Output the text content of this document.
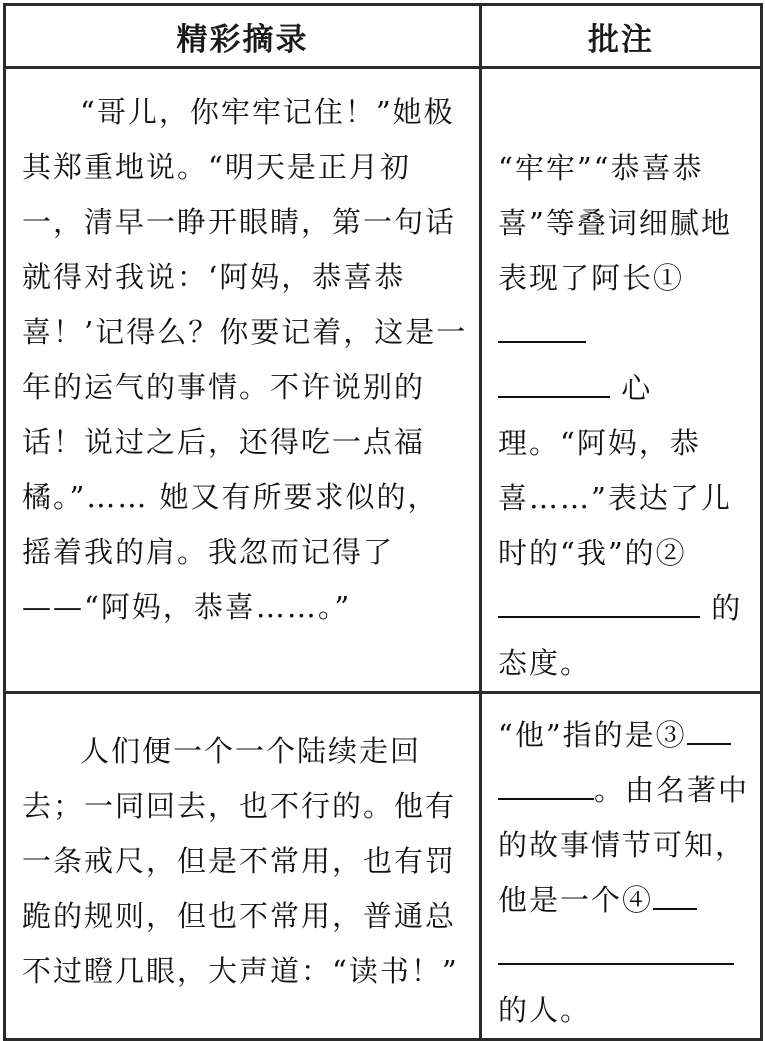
精彩摘录	批注

“哥儿，你牢牢记住！”她极其郑重地说。“明天是正月初一，清早一睁开眼睛，第一句话就得对我说：‘阿妈，恭喜恭喜！’记得么？你要记着，这是一年的运气的事情。不许说别的话！说过之后，还得吃一点福橘。”…… 她又有所要求似的，摇着我的肩。我忽而记得了——“阿妈，恭喜……。”	“牢牢”“恭喜恭喜”等叠词细腻地表现了阿长①
心理。“阿妈，恭喜……”表达了儿时的“我”的② 的态度。

人们便一个一个陆续走回去；一同回去，也不行的。他有一条戒尺，但是不常用，也有罚跪的规则，但也不常用，普通总不过瞪几眼，大声道：“读书！”	“他”指的是③
。由名著中的故事情节可知，他是一个④

的人。
